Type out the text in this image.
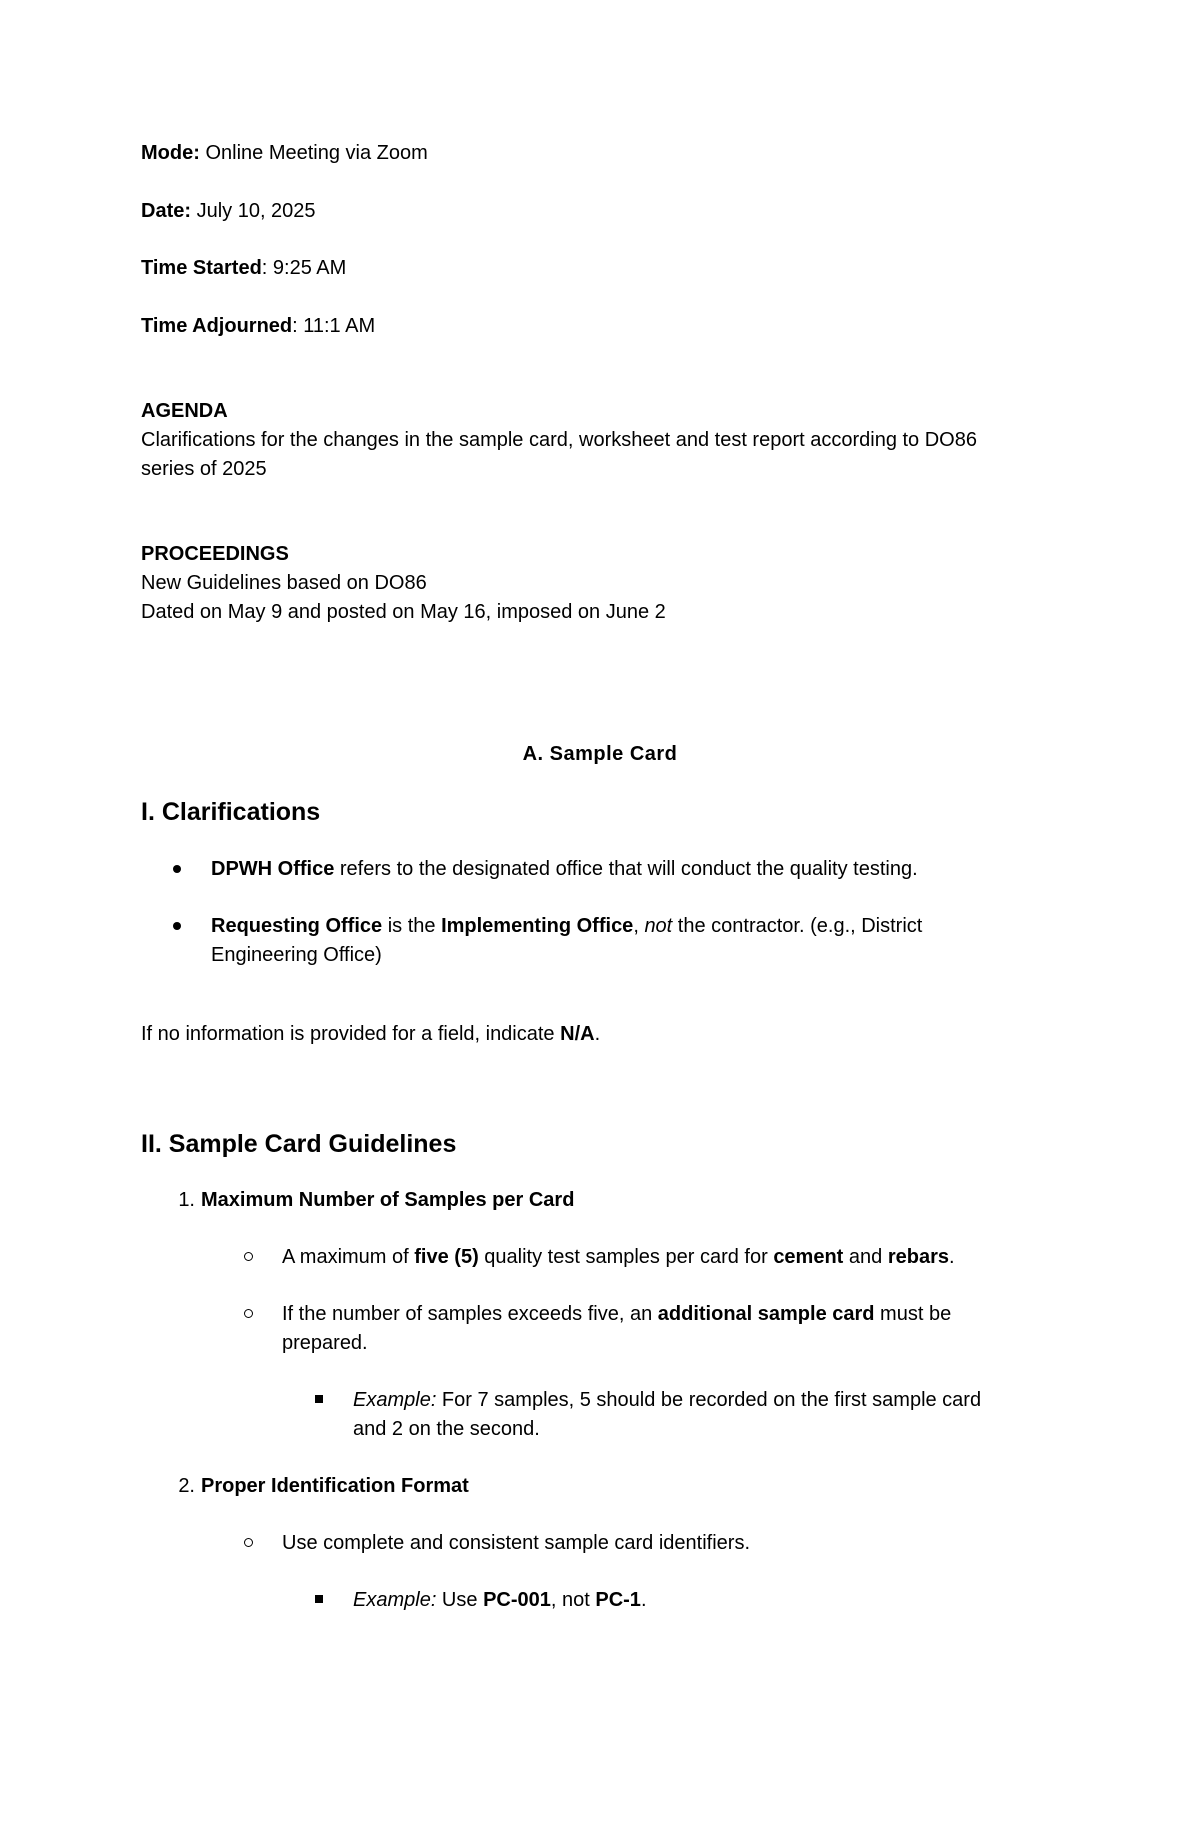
Mode: Online Meeting via Zoom
Date: July 10, 2025
Time Started: 9:25 AM
Time Adjourned: 11:1 AM
AGENDA
Clarifications for the changes in the sample card, worksheet and test report according to DO86
series of 2025
PROCEEDINGS
New Guidelines based on DO86
Dated on May 9 and posted on May 16, imposed on June 2
A. Sample Card
I. Clarifications
DPWH Office refers to the designated office that will conduct the quality testing.
Requesting Office is the Implementing Office, not the contractor. (e.g., District
Engineering Office)
If no information is provided for a field, indicate N/A.
II. Sample Card Guidelines
1. Maximum Number of Samples per Card
A maximum of five (5) quality test samples per card for cement and rebars.
If the number of samples exceeds five, an additional sample card must be
prepared.
Example: For 7 samples, 5 should be recorded on the first sample card
and 2 on the second.
2. Proper Identification Format
Use complete and consistent sample card identifiers.
Example: Use PC-001, not PC-1.
